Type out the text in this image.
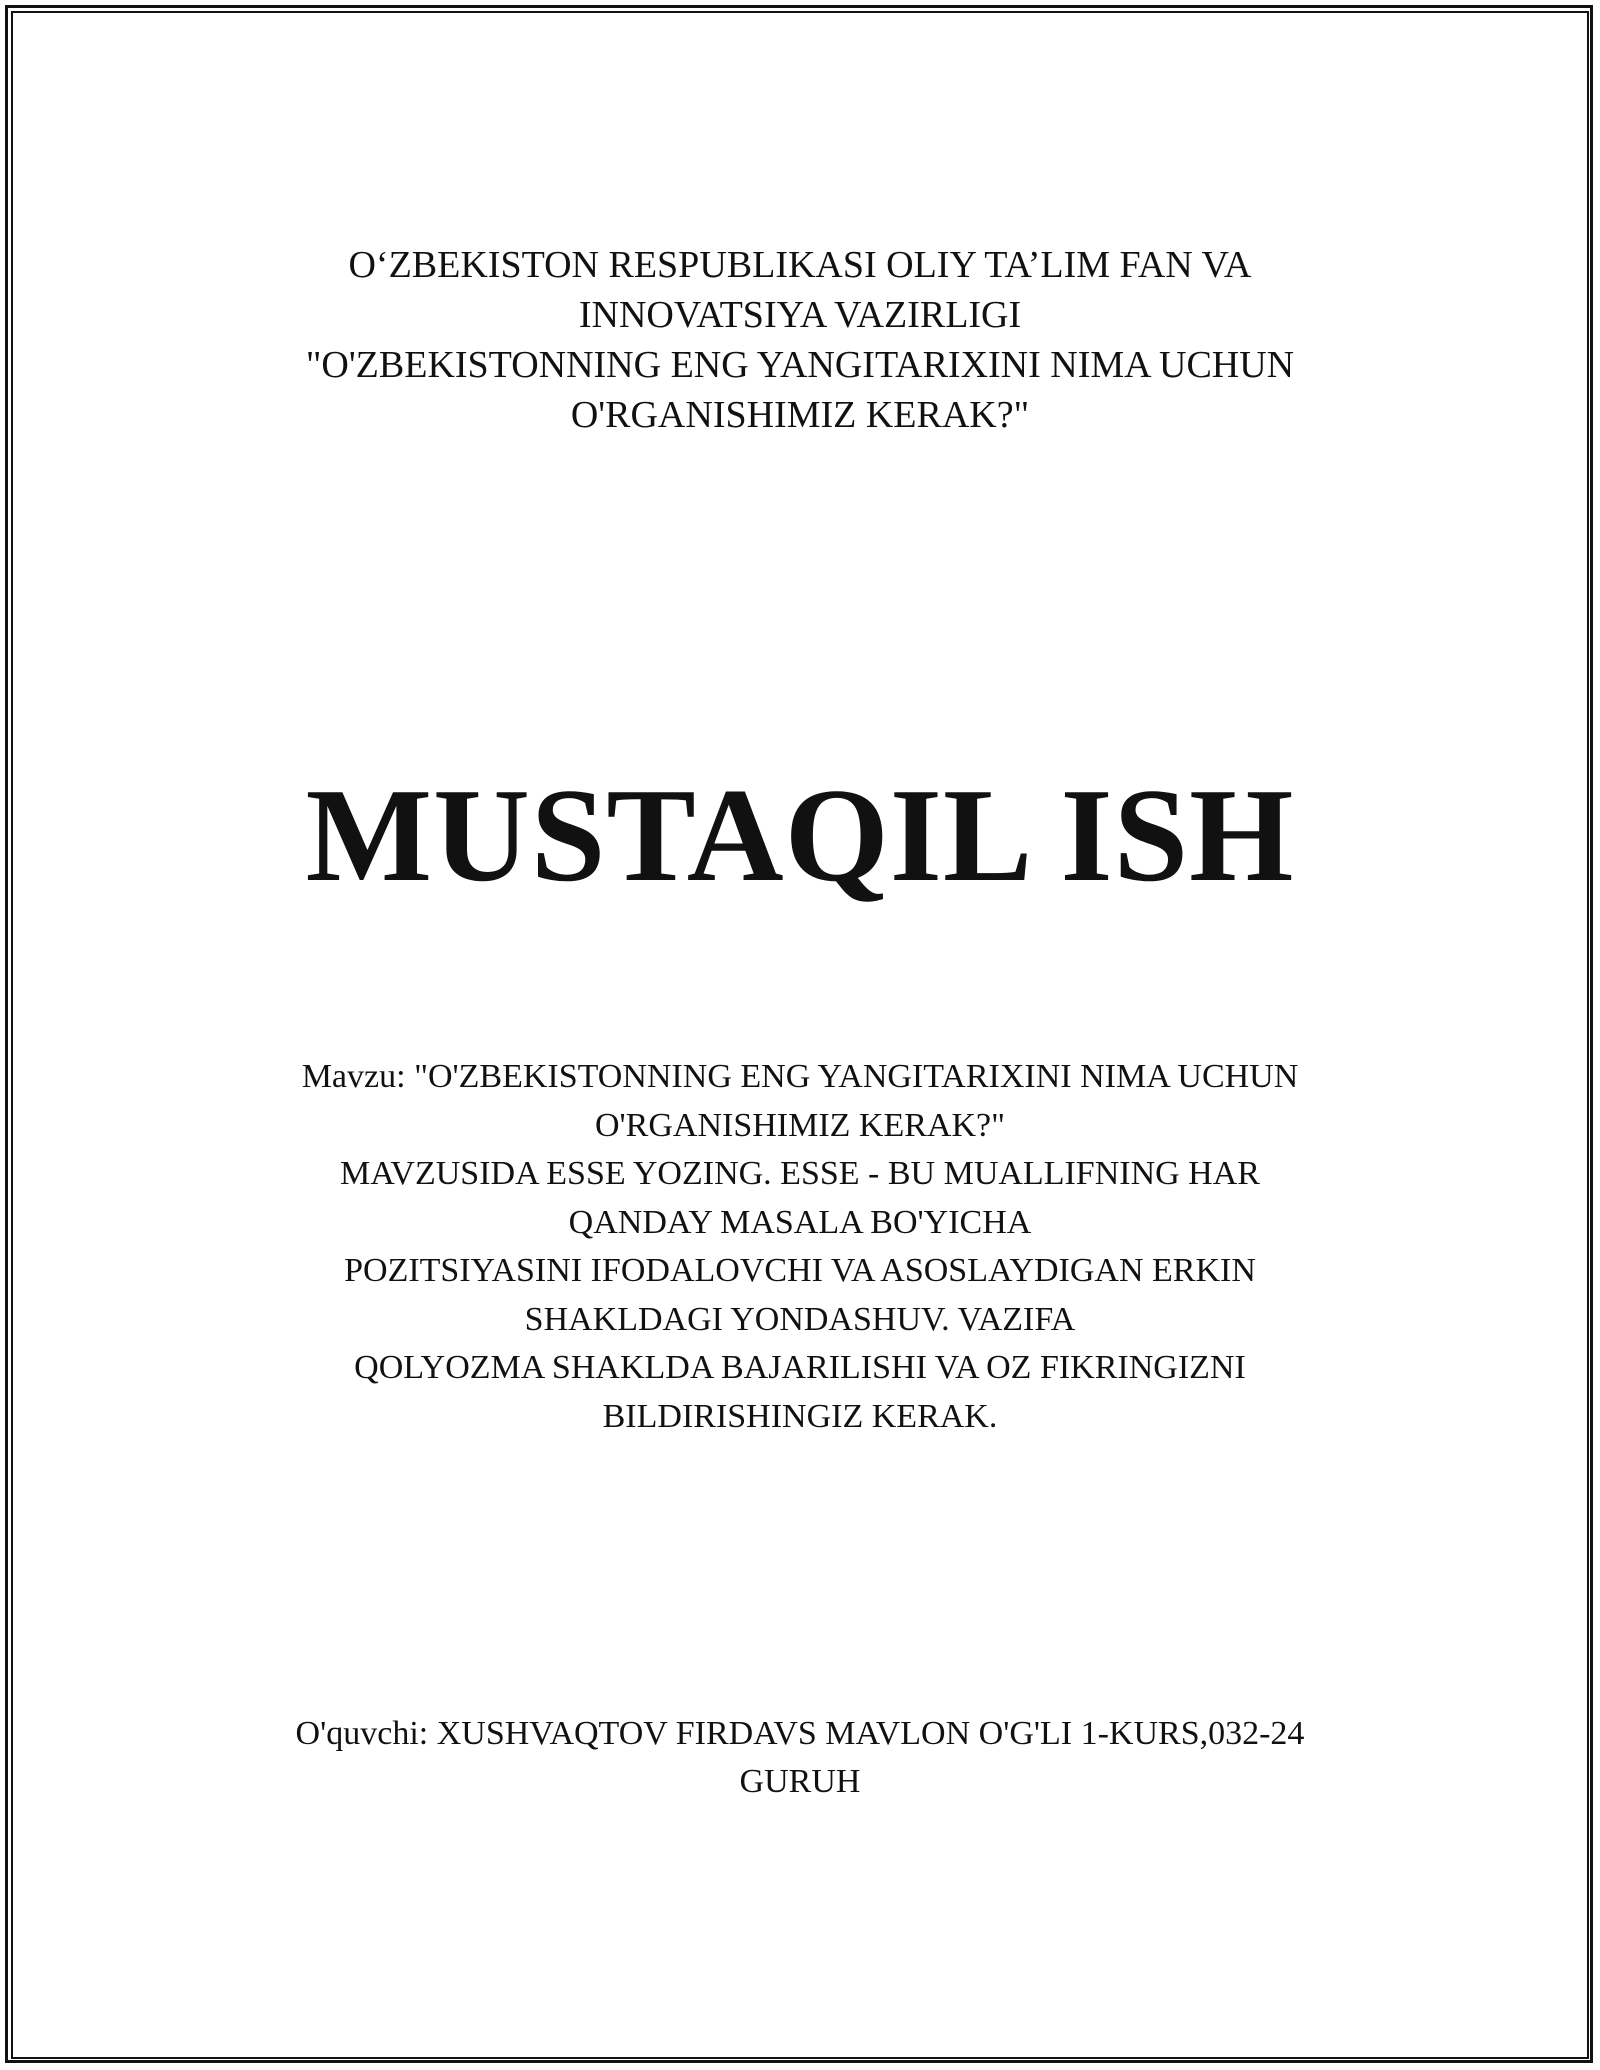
O‘ZBEKISTON RESPUBLIKASI OLIY TA’LIM FAN VA
INNOVATSIYA VAZIRLIGI
"O'ZBEKISTONNING ENG YANGITARIXINI NIMA UCHUN
O'RGANISHIMIZ KERAK?"
MUSTAQIL ISH
Mavzu: "O'ZBEKISTONNING ENG YANGITARIXINI NIMA UCHUN
O'RGANISHIMIZ KERAK?"
MAVZUSIDA ESSE YOZING. ESSE - BU MUALLIFNING HAR
QANDAY MASALA BO'YICHA
POZITSIYASINI IFODALOVCHI VA ASOSLAYDIGAN ERKIN
SHAKLDAGI YONDASHUV. VAZIFA
QOLYOZMA SHAKLDA BAJARILISHI VA OZ FIKRINGIZNI
BILDIRISHINGIZ KERAK.
O'quvchi: XUSHVAQTOV FIRDAVS MAVLON O'G'LI 1-KURS,032-24
GURUH
